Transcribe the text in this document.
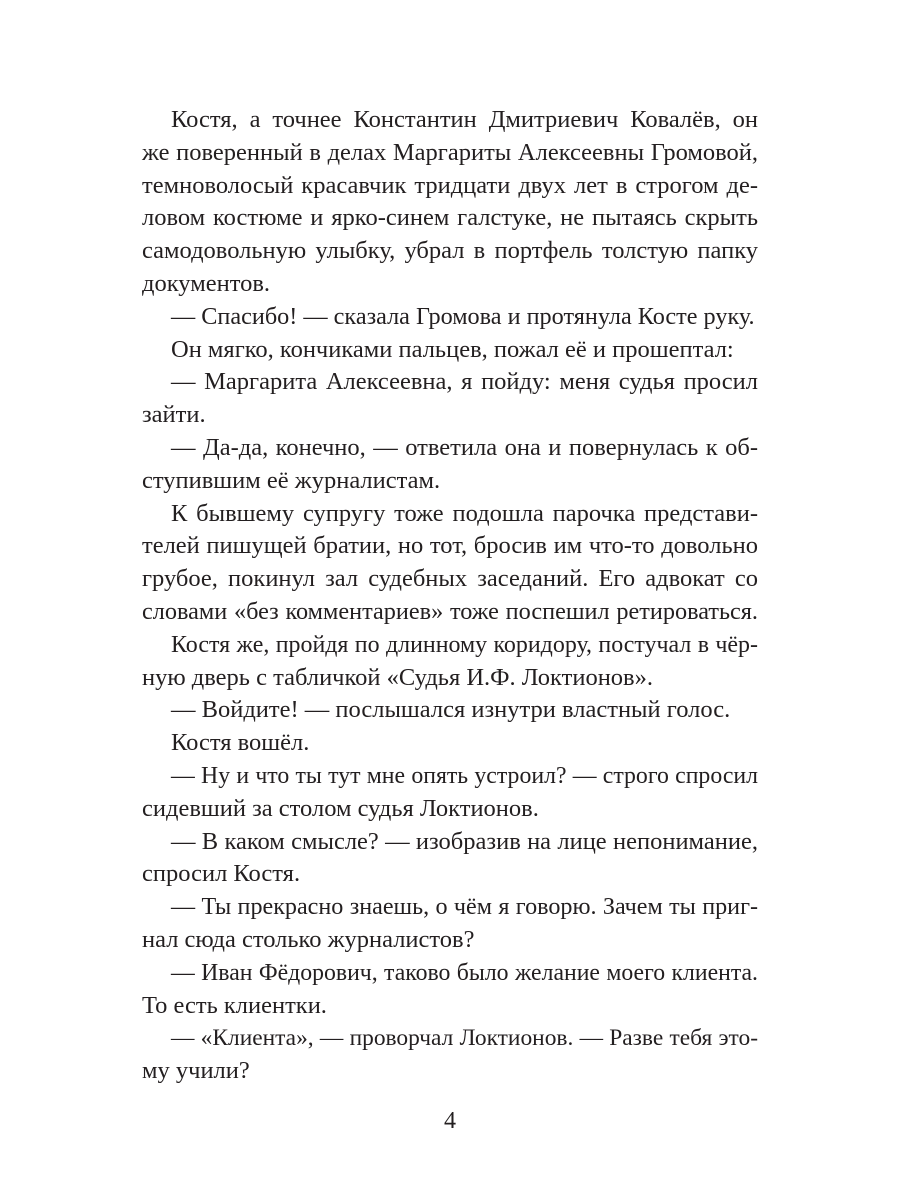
Костя, а точнее Константин Дмитриевич Ковалёв, он
же поверенный в делах Маргариты Алексеевны Громовой,
темноволосый красавчик тридцати двух лет в строгом де-
ловом костюме и ярко-синем галстуке, не пытаясь скрыть
самодовольную улыбку, убрал в портфель толстую папку
документов.
— Спасибо! — сказала Громова и протянула Косте руку.
Он мягко, кончиками пальцев, пожал её и прошептал:
— Маргарита Алексеевна, я пойду: меня судья просил
зайти.
— Да-да, конечно, — ответила она и повернулась к об-
ступившим её журналистам.
К бывшему супругу тоже подошла парочка представи-
телей пишущей братии, но тот, бросив им что-то довольно
грубое, покинул зал судебных заседаний. Его адвокат со
словами «без комментариев» тоже поспешил ретироваться.
Костя же, пройдя по длинному коридору, постучал в чёр-
ную дверь с табличкой «Судья И.Ф. Локтионов».
— Войдите! — послышался изнутри властный голос.
Костя вошёл.
— Ну и что ты тут мне опять устроил? — строго спросил
сидевший за столом судья Локтионов.
— В каком смысле? — изобразив на лице непонимание,
спросил Костя.
— Ты прекрасно знаешь, о чём я говорю. Зачем ты приг-
нал сюда столько журналистов?
— Иван Фёдорович, таково было желание моего клиента.
То есть клиентки.
— «Клиента», — проворчал Локтионов. — Разве тебя это-
му учили?
4
